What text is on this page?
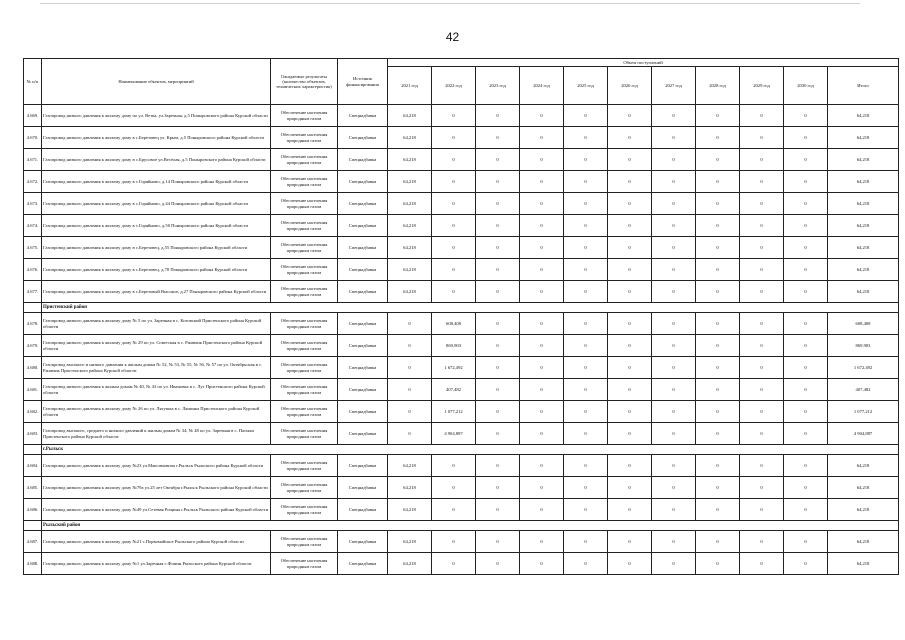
42
№ п/п	Наименование объектов, мероприятий	Ожидаемые результаты (количество объектов, технических характеристик)	Источник финансирования	Объем поступлений										
				2021 год	2022 год	2023 год	2024 год	2025 год	2026 год	2027 год	2028 год	2029 год	2030 год	Итого
4.669.	Газопровод низкого давления к жилому дому по ул. Ветка, ул.Заречная, д.5 Поныровского района Курской области	Обеспечение населения природным газом	Спецнадбавка	64,218	0	0	0	0	0	0	0	0	0	64,218
4.670.	Газопровод низкого давления к жилому дому в с.Березовец ул. Крым, д.5 Поныровского района Курской области	Обеспечение населения природным газом	Спецнадбавка	64,218	0	0	0	0	0	0	0	0	0	64,218
4.671.	Газопровод низкого давления к жилому дому в с.Брусовое ул.Весёлая, д.5 Поныровского района Курской области	Обеспечение населения природным газом	Спецнадбавка	64,218	0	0	0	0	0	0	0	0	0	64,218
4.672.	Газопровод низкого давления к жилому дому в с.Горяйново, д.14 Поныровского района Курской области	Обеспечение населения природным газом	Спецнадбавка	64,218	0	0	0	0	0	0	0	0	0	64,218
4.673.	Газопровод низкого давления к жилому дому в с.Горяйново, д.44 Поныровского района Курской области	Обеспечение населения природным газом	Спецнадбавка	64,218	0	0	0	0	0	0	0	0	0	64,218
4.674.	Газопровод низкого давления к жилому дому в с.Горяйново, д.50 Поныровского района Курской области	Обеспечение населения природным газом	Спецнадбавка	64,218	0	0	0	0	0	0	0	0	0	64,218
4.675.	Газопровод низкого давления к жилому дому в с.Березовец, д.55 Поныровского района Курской области	Обеспечение населения природным газом	Спецнадбавка	64,218	0	0	0	0	0	0	0	0	0	64,218
4.676.	Газопровод низкого давления к жилому дому в с.Березовец, д.78 Поныровского района Курской области	Обеспечение населения природным газом	Спецнадбавка	64,218	0	0	0	0	0	0	0	0	0	64,218
4.677.	Газопровод низкого давления к жилому дому в с.Березовый Высокое, д.27 Поныровского района Курской области	Обеспечение населения природным газом	Спецнадбавка	64,218	0	0	0	0	0	0	0	0	0	64,218
	Пристенский район													
4.678.	Газопровод низкого давления к жилому дому № 5 по ул. Заречная в с. Котовский Пристенского района Курской области	Обеспечение населения природным газом	Спецнадбавка	0	608,408	0	0	0	0	0	0	0	0	608,408
4.679.	Газопровод низкого давления к жилому дому № 29 по ул. Советская в с. Ржавчик Пристенского района Курской области	Обеспечение населения природным газом	Спецнадбавка	0	869,903	0	0	0	0	0	0	0	0	869,903
4.680.	Газопровод высокого и низкого давления к жилым домам № 52, № 53, № 55, № 56, № 57 по ул. Октябрьская в с. Ржавчик Пристенского района Курской области	Обеспечение населения природным газом	Спецнадбавка	0	1 672,492	0	0	0	0	0	0	0	0	1 672,492
4.681.	Газопровод низкого давления к жилым домам № 40, № 43 по ул. Ивановка в с. Луг Пристенского района Курской области	Обеспечение населения природным газом	Спецнадбавка	0	407,482	0	0	0	0	0	0	0	0	407,482
4.682.	Газопровод низкого давления к жилому дому № 26 по ул. Лягушка в с. Ляпинка Пристенского района Курской области	Обеспечение населения природным газом	Спецнадбавка	0	1 077,212	0	0	0	0	0	0	0	0	1 077,212
4.683.	Газопровод высокого, среднего и низкого давлений к жилым домам № 34, № 48 по ул. Заречная в с. Пасыки Пристенского района Курской области	Обеспечение населения природным газом	Спецнадбавка	0	4 904,887	0	0	0	0	0	0	0	0	4 904,887
	г.Рыльск													
4.684.	Газопровод низкого давления к жилому дому №23 ул.Максимовича г.Рыльск Рыльского района Курской области	Обеспечение населения природным газом	Спецнадбавка	64,218	0	0	0	0	0	0	0	0	0	64,218
4.685.	Газопровод низкого давления к жилому дому №79а ул.25 лет Октября г.Рыльск Рыльского района Курской области	Обеспечение населения природным газом	Спецнадбавка	64,218	0	0	0	0	0	0	0	0	0	64,218
4.686.	Газопровод низкого давления к жилому дому №49 ул.Сетевая Рощина г.Рыльск Рыльского района Курской области	Обеспечение населения природным газом	Спецнадбавка	64,218	0	0	0	0	0	0	0	0	0	64,218
	Рыльский район													
4.687.	Газопровод низкого давления к жилому дому №21 с.Первомайское Рыльского района Курской области	Обеспечение населения природным газом	Спецнадбавка	64,218	0	0	0	0	0	0	0	0	0	64,218
4.688.	Газопровод низкого давления к жилому дому №1 ул.Заречная с.Фомин Рыльского района Курской области	Обеспечение населения природным газом	Спецнадбавка	64,218	0	0	0	0	0	0	0	0	0	64,218
